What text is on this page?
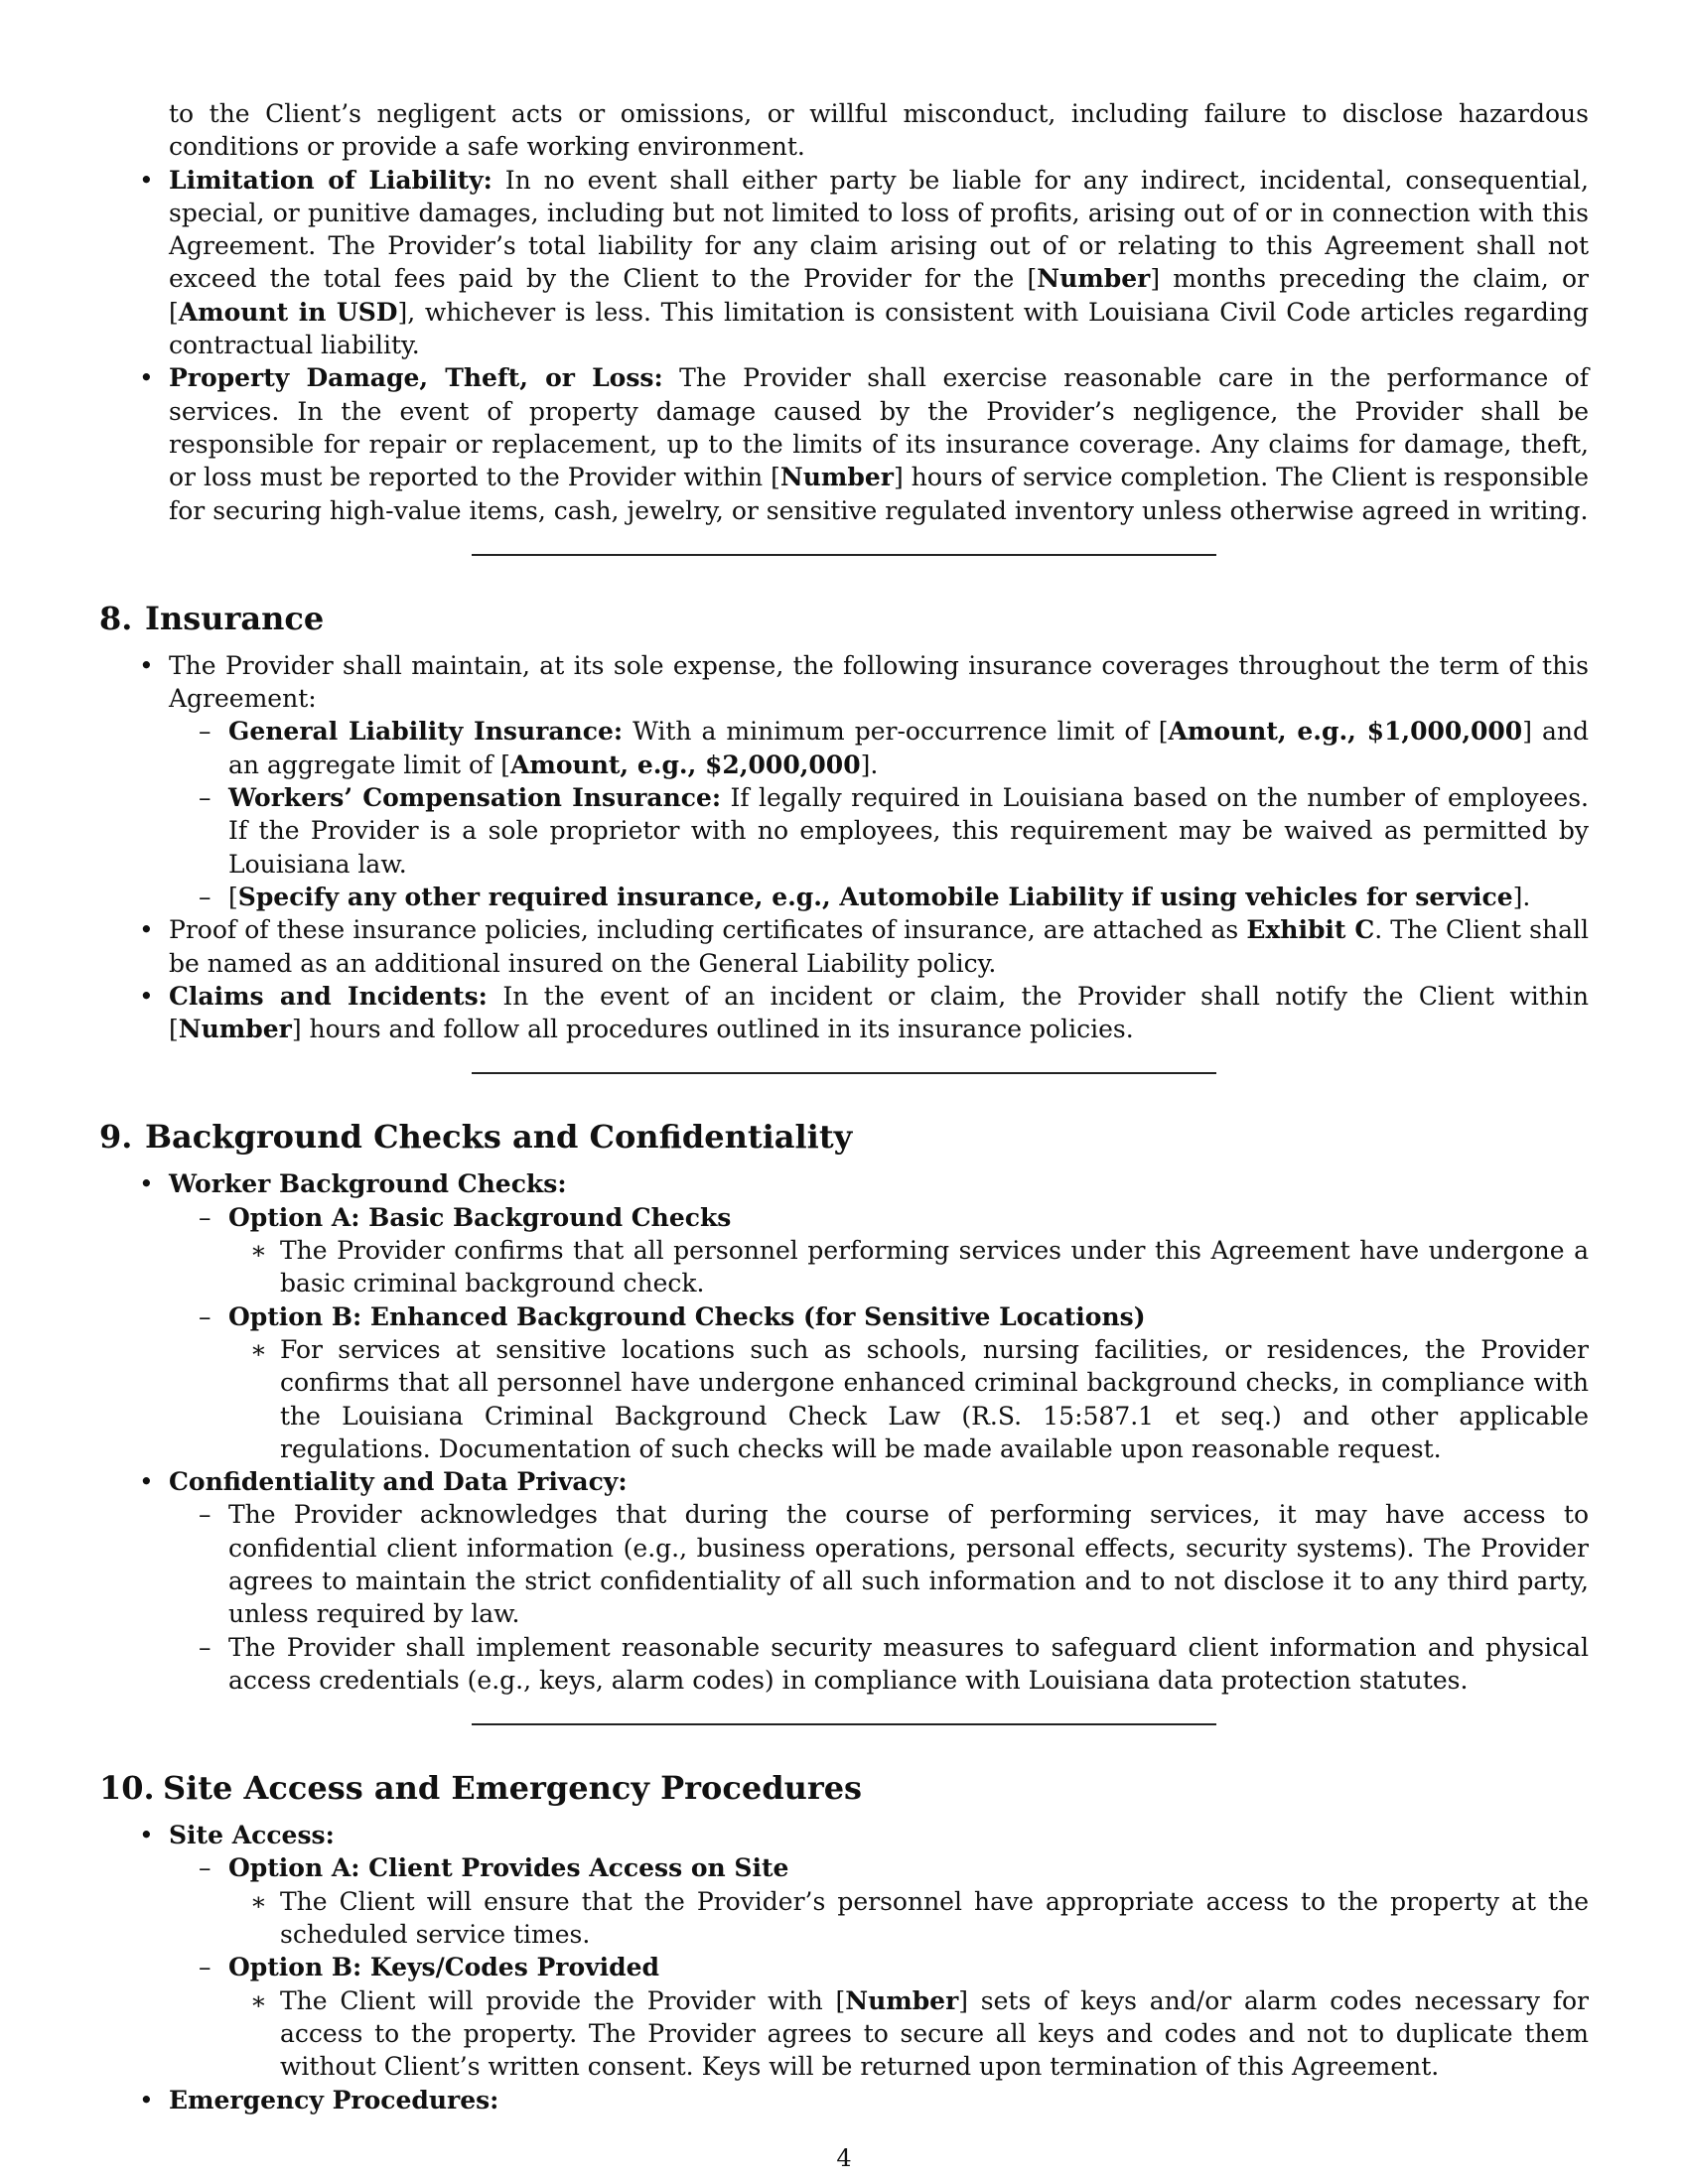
to the Client’s negligent acts or omissions, or willful misconduct, including failure to disclose hazardous conditions or provide a safe working environment.
• Limitation of Liability: In no event shall either party be liable for any indirect, incidental, consequential, special, or punitive damages, including but not limited to loss of profits, arising out of or in connection with this Agreement. The Provider’s total liability for any claim arising out of or relating to this Agreement shall not exceed the total fees paid by the Client to the Provider for the [Number] months preceding the claim, or [Amount in USD], whichever is less. This limitation is consistent with Louisiana Civil Code articles regarding contractual liability.
• Property Damage, Theft, or Loss: The Provider shall exercise reasonable care in the performance of services. In the event of property damage caused by the Provider’s negligence, the Provider shall be responsible for repair or replacement, up to the limits of its insurance coverage. Any claims for damage, theft, or loss must be reported to the Provider within [Number] hours of service completion. The Client is responsible for securing high-value items, cash, jewelry, or sensitive regulated inventory unless otherwise agreed in writing.
8. Insurance
• The Provider shall maintain, at its sole expense, the following insurance coverages throughout the term of this Agreement:
– General Liability Insurance: With a minimum per-occurrence limit of [Amount, e.g., $1,000,000] and an aggregate limit of [Amount, e.g., $2,000,000].
– Workers’ Compensation Insurance: If legally required in Louisiana based on the number of employees. If the Provider is a sole proprietor with no employees, this requirement may be waived as permitted by Louisiana law.
– [Specify any other required insurance, e.g., Automobile Liability if using vehicles for service].
• Proof of these insurance policies, including certificates of insurance, are attached as Exhibit C. The Client shall be named as an additional insured on the General Liability policy.
• Claims and Incidents: In the event of an incident or claim, the Provider shall notify the Client within [Number] hours and follow all procedures outlined in its insurance policies.
9. Background Checks and Confidentiality
• Worker Background Checks:
– Option A: Basic Background Checks
∗ The Provider confirms that all personnel performing services under this Agreement have undergone a basic criminal background check.
– Option B: Enhanced Background Checks (for Sensitive Locations)
∗ For services at sensitive locations such as schools, nursing facilities, or residences, the Provider confirms that all personnel have undergone enhanced criminal background checks, in compliance with the Louisiana Criminal Background Check Law (R.S. 15:587.1 et seq.) and other applicable regulations. Documentation of such checks will be made available upon reasonable request.
• Confidentiality and Data Privacy:
– The Provider acknowledges that during the course of performing services, it may have access to confidential client information (e.g., business operations, personal effects, security systems). The Provider agrees to maintain the strict confidentiality of all such information and to not disclose it to any third party, unless required by law.
– The Provider shall implement reasonable security measures to safeguard client information and physical access credentials (e.g., keys, alarm codes) in compliance with Louisiana data protection statutes.
10. Site Access and Emergency Procedures
• Site Access:
– Option A: Client Provides Access on Site
∗ The Client will ensure that the Provider’s personnel have appropriate access to the property at the scheduled service times.
– Option B: Keys/Codes Provided
∗ The Client will provide the Provider with [Number] sets of keys and/or alarm codes necessary for access to the property. The Provider agrees to secure all keys and codes and not to duplicate them without Client’s written consent. Keys will be returned upon termination of this Agreement.
• Emergency Procedures:
4
